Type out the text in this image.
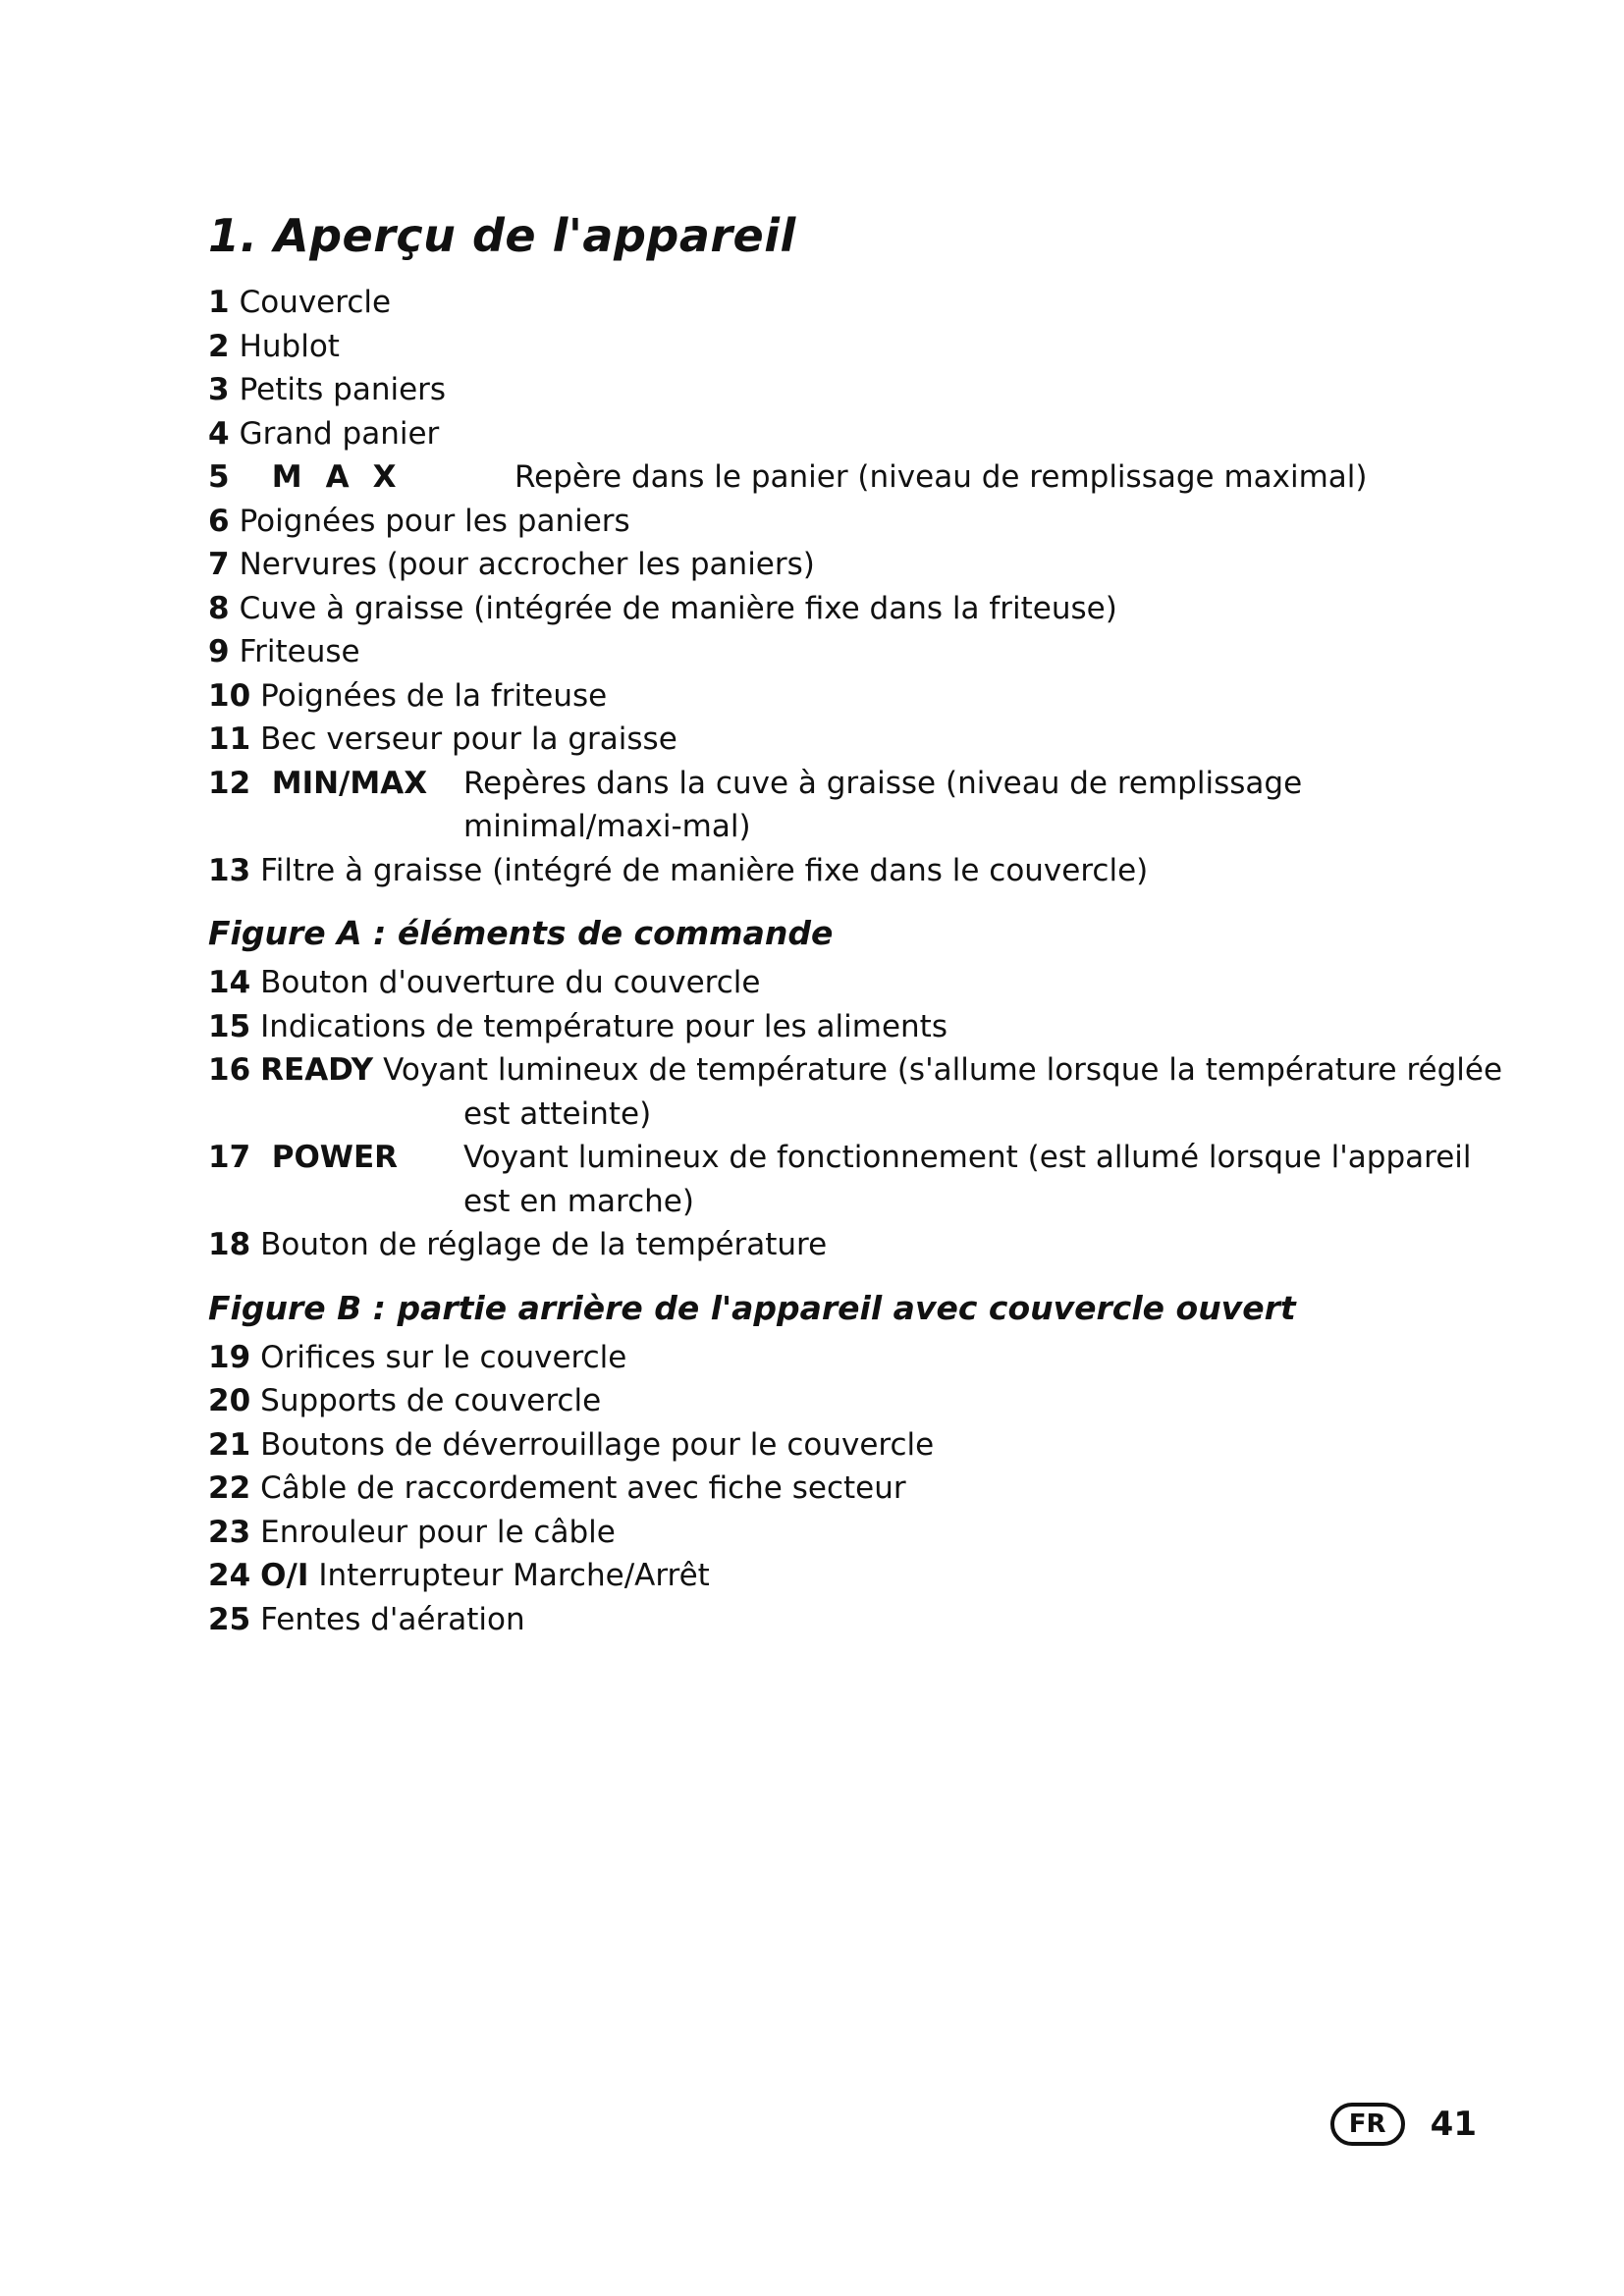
1. Aperçu de l'appareil
1 Couvercle
2 Hublot
3 Petits paniers
4 Grand panier
5 MAX	Repère dans le panier (niveau de remplissage maximal)
6 Poignées pour les paniers
7 Nervures (pour accrocher les paniers)
8 Cuve à graisse (intégrée de manière fixe dans la friteuse)
9 Friteuse
10 Poignées de la friteuse
11 Bec verseur pour la graisse
12 MIN/MAX	Repères dans la cuve à graisse (niveau de remplissage minimal/maxi-mal)
13 Filtre à graisse (intégré de manière fixe dans le couvercle)
Figure A : éléments de commande
14 Bouton d'ouverture du couvercle
15 Indications de température pour les aliments
16 READY Voyant lumineux de température (s'allume lorsque la température réglée
est atteinte)
17 POWER	Voyant lumineux de fonctionnement (est allumé lorsque l'appareil est en marche)
18 Bouton de réglage de la température
Figure B : partie arrière de l'appareil avec couvercle ouvert
19 Orifices sur le couvercle
20 Supports de couvercle
21 Boutons de déverrouillage pour le couvercle
22 Câble de raccordement avec fiche secteur
23 Enrouleur pour le câble
24 O/I Interrupteur Marche/Arrêt
25 Fentes d'aération
FR	41
